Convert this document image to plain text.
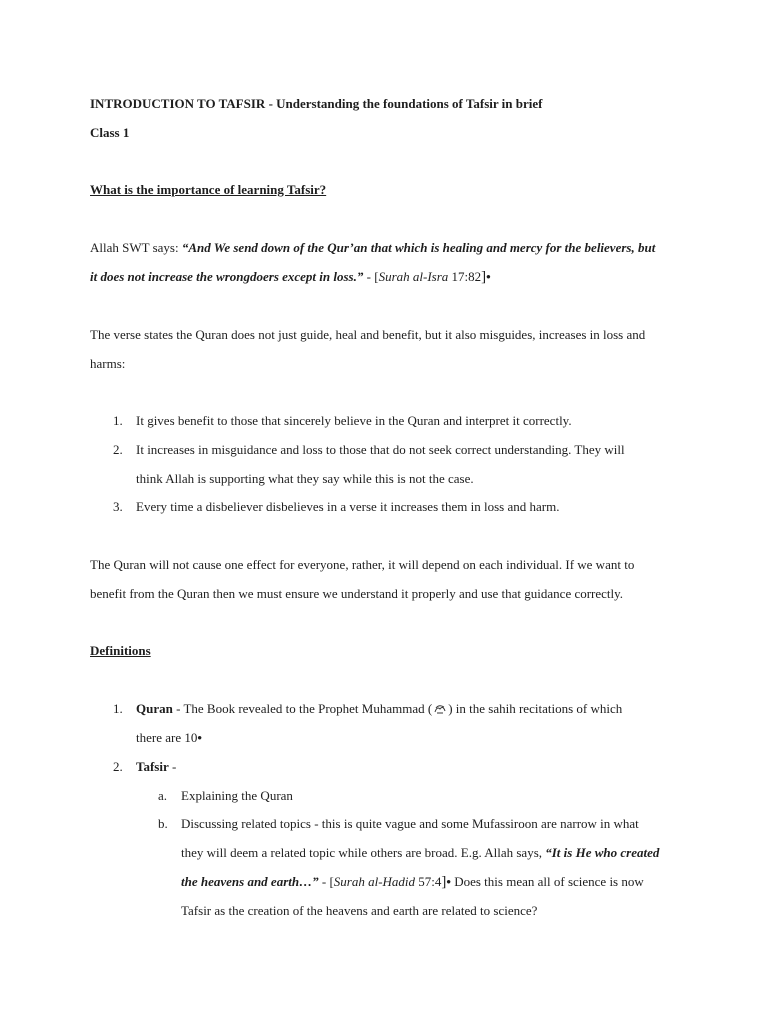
INTRODUCTION TO TAFSIR - Understanding the foundations of Tafsir in brief
Class 1
What is the importance of learning Tafsir?
Allah SWT says: “And We send down of the Qur’an that which is healing and mercy for the believers, but
it does not increase the wrongdoers except in loss.” - [Surah al-Isra 17:82]•
The verse states the Quran does not just guide, heal and benefit, but it also misguides, increases in loss and
harms:
1. It gives benefit to those that sincerely believe in the Quran and interpret it correctly.
2. It increases in misguidance and loss to those that do not seek correct understanding. They will
think Allah is supporting what they say while this is not the case.
3. Every time a disbeliever disbelieves in a verse it increases them in loss and harm.
The Quran will not cause one effect for everyone, rather, it will depend on each individual. If we want to
benefit from the Quran then we must ensure we understand it properly and use that guidance correctly.
Definitions
1. Quran - The Book revealed to the Prophet Muhammad ( ) in the sahih recitations of which
there are 10•
2. Tafsir -
a. Explaining the Quran
b. Discussing related topics - this is quite vague and some Mufassiroon are narrow in what
they will deem a related topic while others are broad. E.g. Allah says, “It is He who created
the heavens and earth…” - [Surah al-Hadid 57:4]• Does this mean all of science is now
Tafsir as the creation of the heavens and earth are related to science?
